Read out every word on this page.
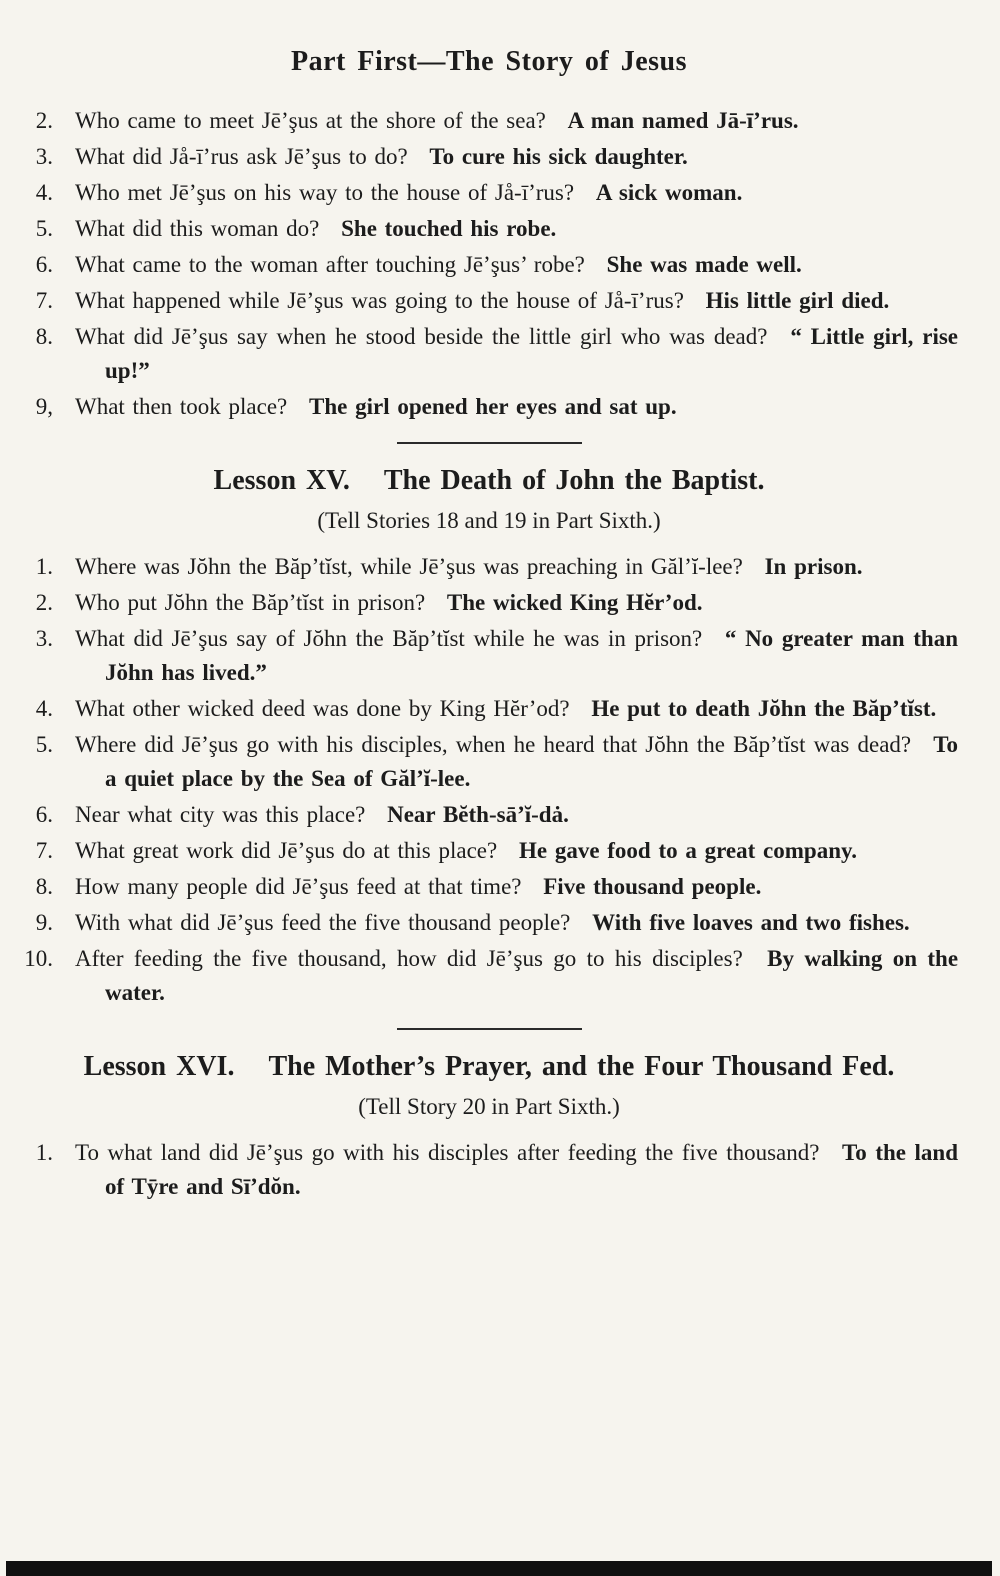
Part First—The Story of Jesus
2. Who came to meet Jē’şus at the shore of the sea? A man named Jā-ī’rus.
3. What did Jå-ī’rus ask Jē’şus to do? To cure his sick daughter.
4. Who met Jē’şus on his way to the house of Jå-ī’rus? A sick woman.
5. What did this woman do? She touched his robe.
6. What came to the woman after touching Jē’şus’ robe? She was made well.
7. What happened while Jē’şus was going to the house of Jå-ī’rus? His little girl died.
8. What did Jē’şus say when he stood beside the little girl who was dead? “ Little girl, rise up!”
9, What then took place? The girl opened her eyes and sat up.
Lesson XV. The Death of John the Baptist.
(Tell Stories 18 and 19 in Part Sixth.)
1. Where was Jŏhn the Băp’tĭst, while Jē’şus was preaching in Găl’ĭ-lee? In prison.
2. Who put Jŏhn the Băp’tĭst in prison? The wicked King Hĕr’od.
3. What did Jē’şus say of Jŏhn the Băp’tĭst while he was in prison? “ No greater man than Jŏhn has lived.”
4. What other wicked deed was done by King Hĕr’od? He put to death Jŏhn the Băp’tĭst.
5. Where did Jē’şus go with his disciples, when he heard that Jŏhn the Băp’tĭst was dead? To a quiet place by the Sea of Găl’ĭ-lee.
6. Near what city was this place? Near Bĕth-sā’ĭ-dȧ.
7. What great work did Jē’şus do at this place? He gave food to a great company.
8. How many people did Jē’şus feed at that time? Five thousand people.
9. With what did Jē’şus feed the five thousand people? With five loaves and two fishes.
10. After feeding the five thousand, how did Jē’şus go to his disciples? By walking on the water.
Lesson XVI. The Mother’s Prayer, and the Four Thousand Fed.
(Tell Story 20 in Part Sixth.)
1. To what land did Jē’şus go with his disciples after feeding the five thousand? To the land of Tȳre and Sī’dŏn.
